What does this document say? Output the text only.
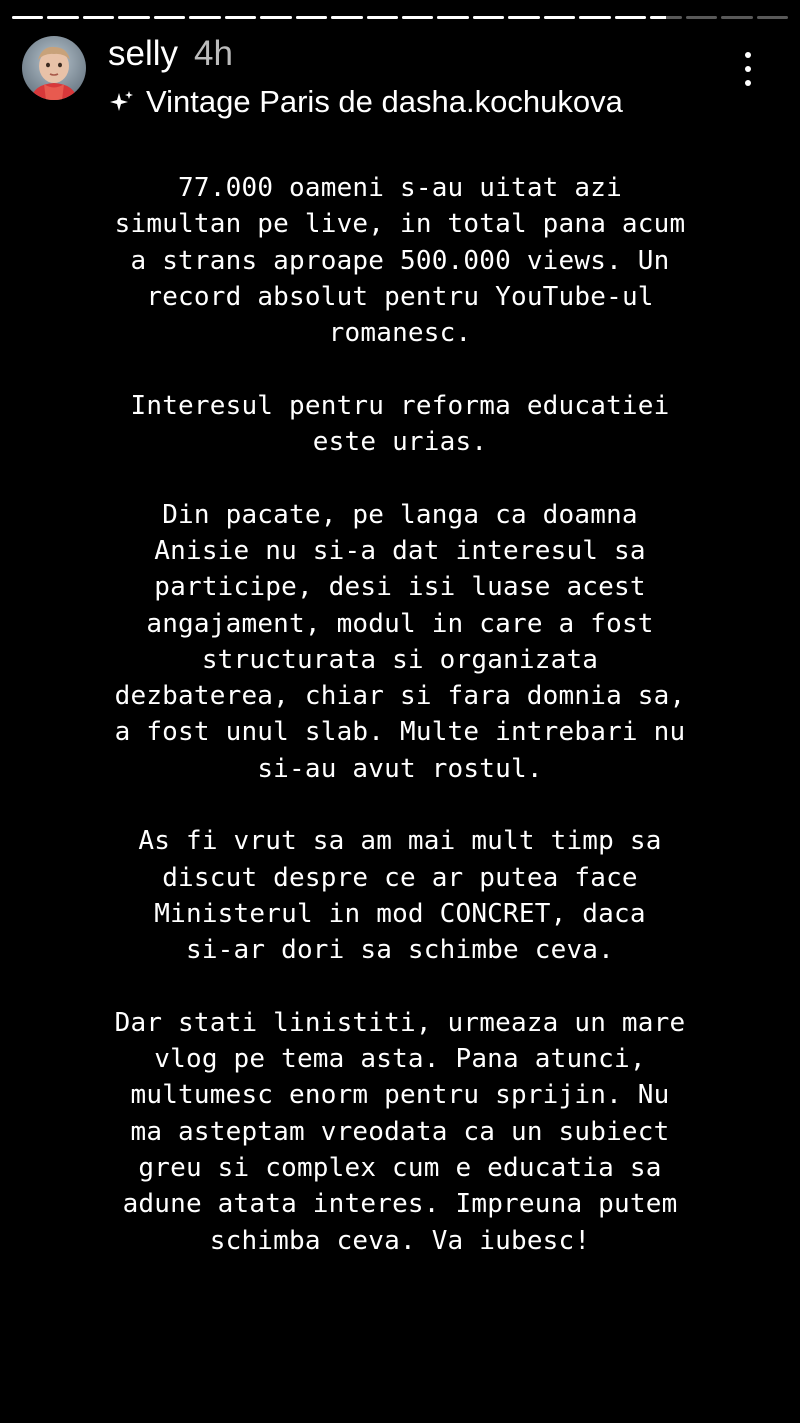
selly 4h
Vintage Paris de dasha.kochukova

77.000 oameni s-au uitat azi
simultan pe live, in total pana acum
a strans aproape 500.000 views. Un
record absolut pentru YouTube-ul
romanesc.

Interesul pentru reforma educatiei
este urias.

Din pacate, pe langa ca doamna
Anisie nu si-a dat interesul sa
participe, desi isi luase acest
angajament, modul in care a fost
structurata si organizata
dezbaterea, chiar si fara domnia sa,
a fost unul slab. Multe intrebari nu
si-au avut rostul.

As fi vrut sa am mai mult timp sa
discut despre ce ar putea face
Ministerul in mod CONCRET, daca
si-ar dori sa schimbe ceva.

Dar stati linistiti, urmeaza un mare
vlog pe tema asta. Pana atunci,
multumesc enorm pentru sprijin. Nu
ma asteptam vreodata ca un subiect
greu si complex cum e educatia sa
adune atata interes. Impreuna putem
schimba ceva. Va iubesc!
